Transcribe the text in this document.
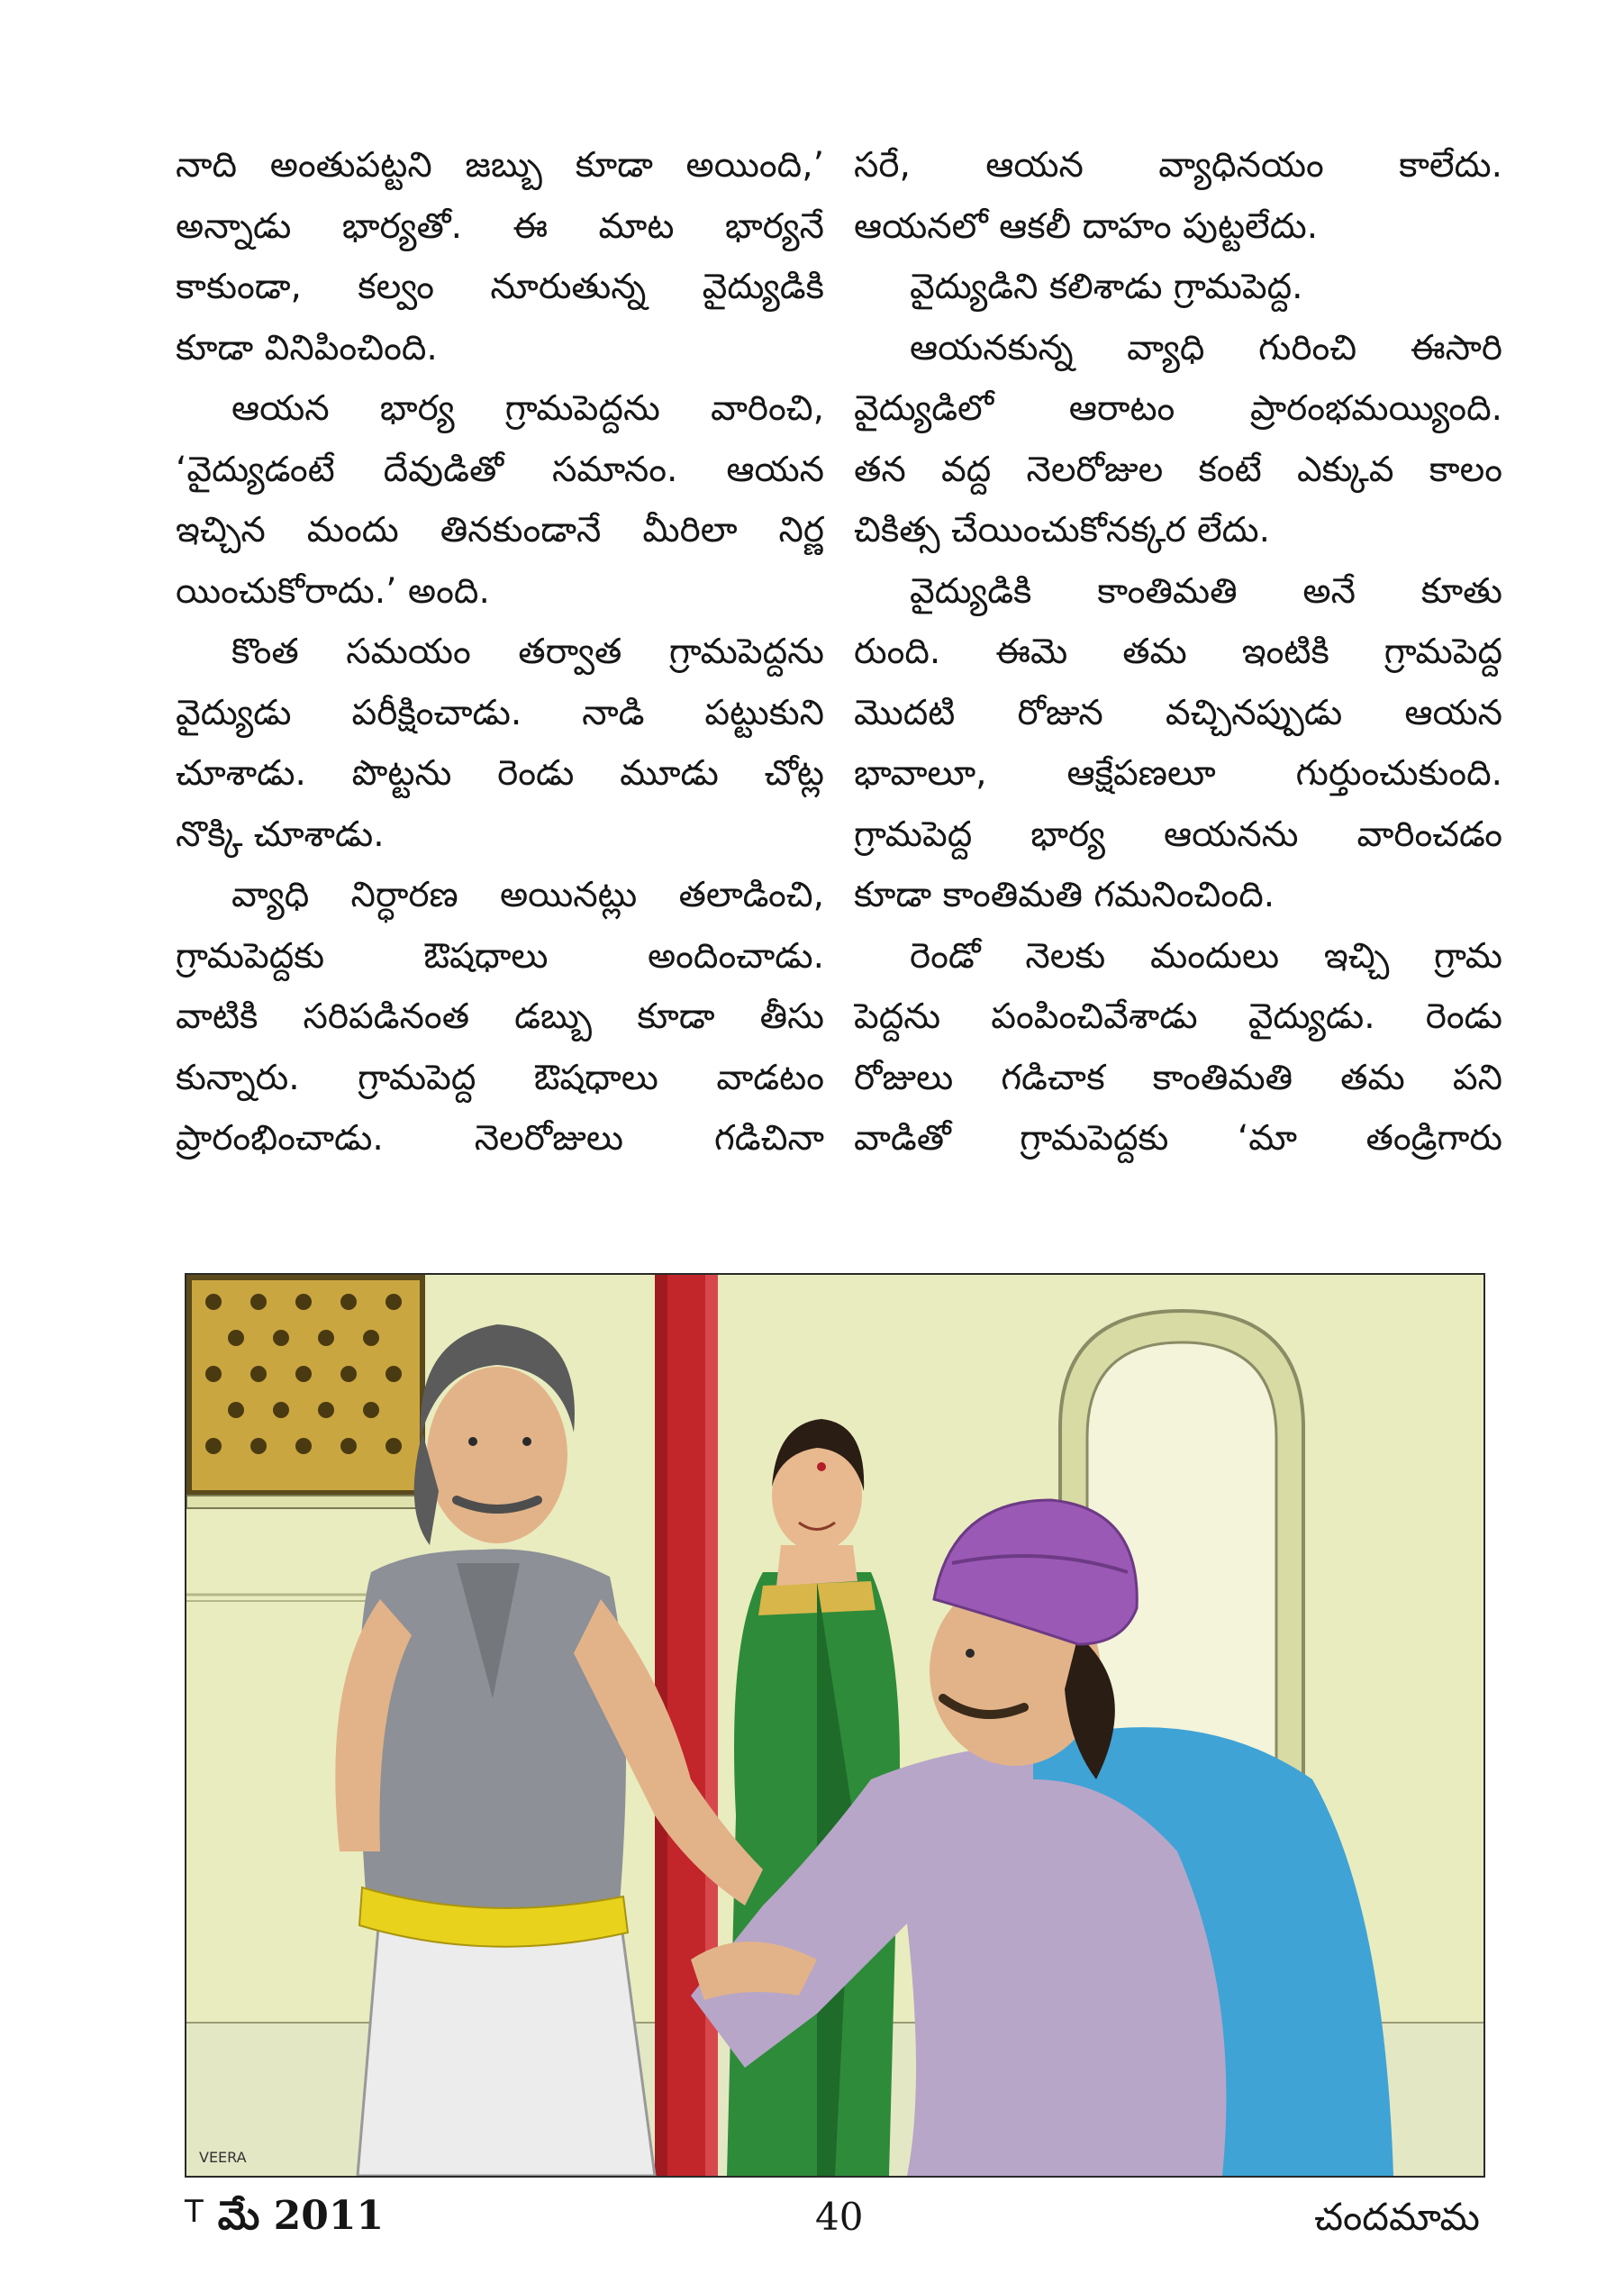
నాది అంతుపట్టని జబ్బు కూడా అయింది,’
అన్నాడు భార్యతో. ఈ మాట భార్యనే
కాకుండా, కల్వం నూరుతున్న వైద్యుడికి
కూడా వినిపించింది.
ఆయన భార్య గ్రామపెద్దను వారించి,
‘వైద్యుడంటే దేవుడితో సమానం. ఆయన
ఇచ్చిన మందు తినకుండానే మీరిలా నిర్ణ
యించుకోరాదు.’ అంది.
కొంత సమయం తర్వాత గ్రామపెద్దను
వైద్యుడు పరీక్షించాడు. నాడి పట్టుకుని
చూశాడు. పొట్టను రెండు మూడు చోట్ల
నొక్కి చూశాడు.
వ్యాధి నిర్ధారణ అయినట్లు తలాడించి,
గ్రామపెద్దకు ఔషధాలు అందించాడు.
వాటికి సరిపడినంత డబ్బు కూడా తీసు
కున్నారు. గ్రామపెద్ద ఔషధాలు వాడటం
ప్రారంభించాడు. నెలరోజులు గడిచినా
సరే, ఆయన వ్యాధినయం కాలేదు.
ఆయనలో ఆకలీ దాహం పుట్టలేదు.
వైద్యుడిని కలిశాడు గ్రామపెద్ద.
ఆయనకున్న వ్యాధి గురించి ఈసారి
వైద్యుడిలో ఆరాటం ప్రారంభమయ్యింది.
తన వద్ద నెలరోజుల కంటే ఎక్కువ కాలం
చికిత్స చేయించుకోనక్కర లేదు.
వైద్యుడికి కాంతిమతి అనే కూతు
రుంది. ఈమె తమ ఇంటికి గ్రామపెద్ద
మొదటి రోజున వచ్చినప్పుడు ఆయన
భావాలూ, ఆక్షేపణలూ గుర్తుంచుకుంది.
గ్రామపెద్ద భార్య ఆయనను వారించడం
కూడా కాంతిమతి గమనించింది.
రెండో నెలకు మందులు ఇచ్చి గ్రామ
పెద్దను పంపించివేశాడు వైద్యుడు. రెండు
రోజులు గడిచాక కాంతిమతి తమ పని
వాడితో గ్రామపెద్దకు ‘మా తండ్రిగారు
VEERA
T మే 2011	40	చందమామ
